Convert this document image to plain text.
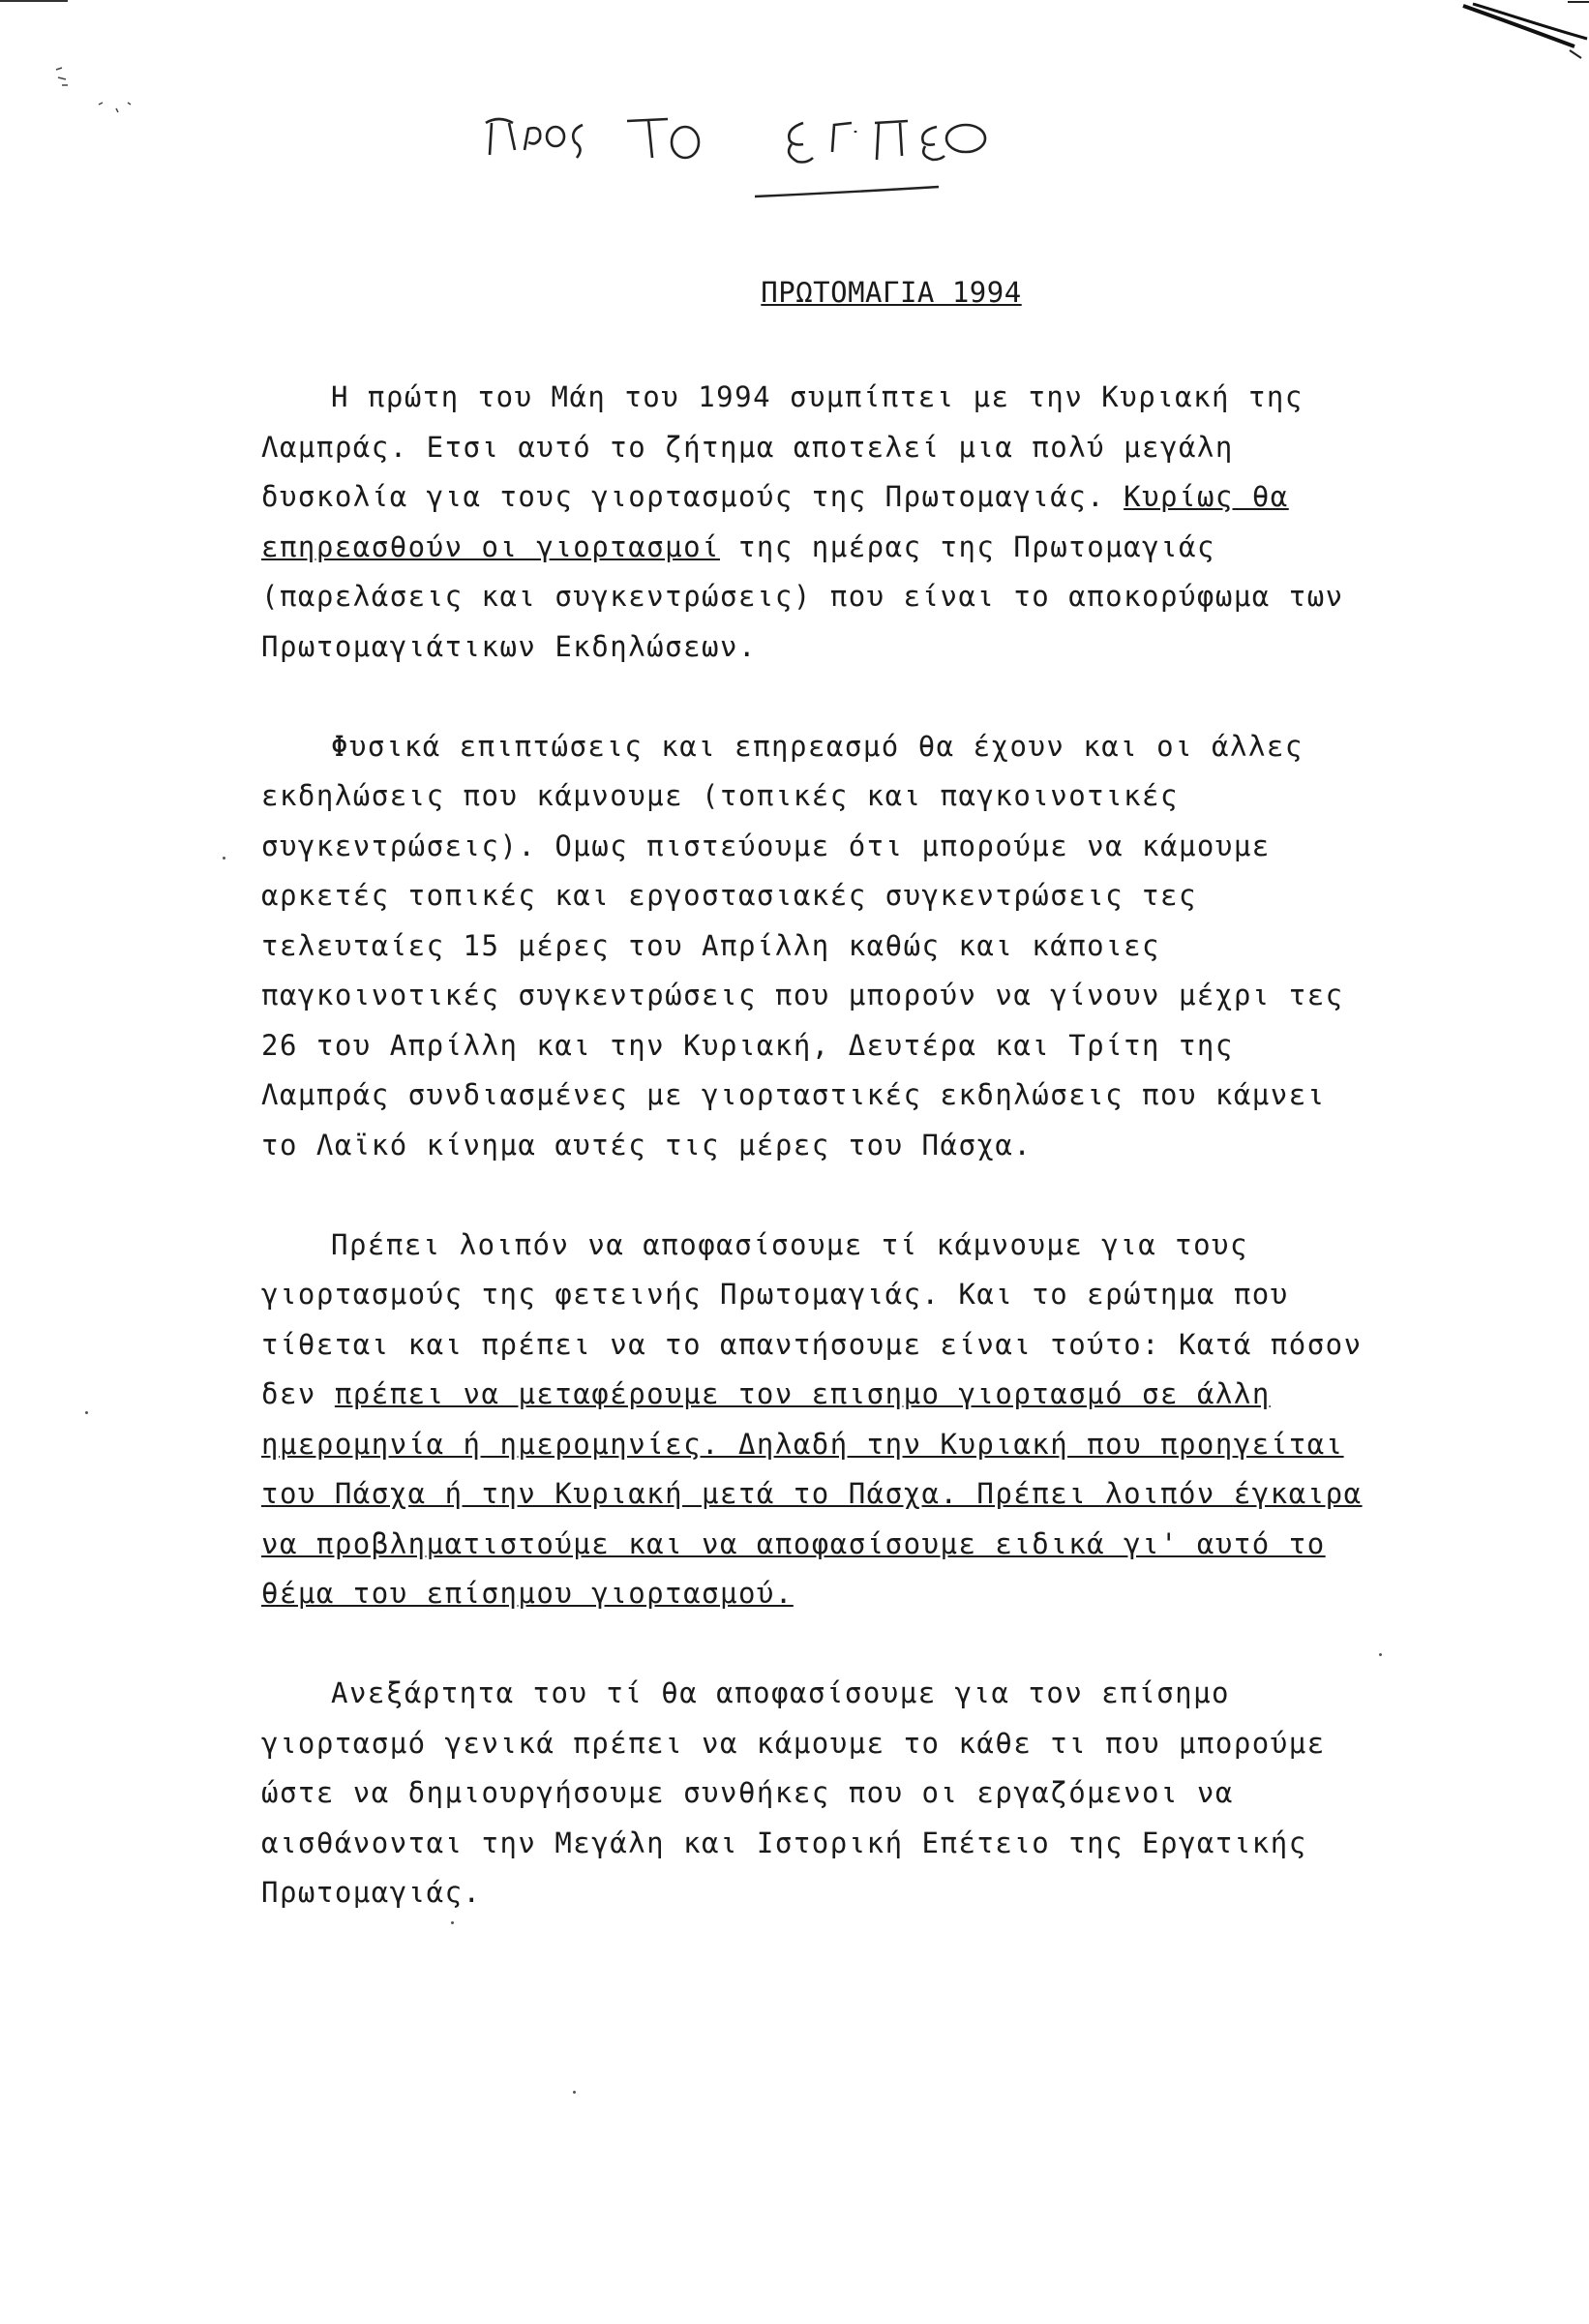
ΠΡΩΤΟΜΑΓΙΑ 1994

Η πρώτη του Μάη του 1994 συμπίπτει με την Κυριακή της Λαμπράς. Ετσι αυτό το ζήτημα αποτελεί μια πολύ μεγάλη δυσκολία για τους γιορτασμούς της Πρωτομαγιάς. Κυρίως θα επηρεασθούν οι γιορτασμοί της ημέρας της Πρωτομαγιάς (παρελάσεις και συγκεντρώσεις) που είναι το αποκορύφωμα των Πρωτομαγιάτικων Εκδηλώσεων.

Φυσικά επιπτώσεις και επηρεασμό θα έχουν και οι άλλες εκδηλώσεις που κάμνουμε (τοπικές και παγκοινοτικές συγκεντρώσεις). Ομως πιστεύουμε ότι μπορούμε να κάμουμε αρκετές τοπικές και εργοστασιακές συγκεντρώσεις τες τελευταίες 15 μέρες του Απρίλλη καθώς και κάποιες παγκοινοτικές συγκεντρώσεις που μπορούν να γίνουν μέχρι τες 26 του Απρίλλη και την Κυριακή, Δευτέρα και Τρίτη της Λαμπράς συνδιασμένες με γιορταστικές εκδηλώσεις που κάμνει το Λαϊκό κίνημα αυτές τις μέρες του Πάσχα.

Πρέπει λοιπόν να αποφασίσουμε τί κάμνουμε για τους γιορτασμούς της φετεινής Πρωτομαγιάς. Και το ερώτημα που τίθεται και πρέπει να το απαντήσουμε είναι τούτο: Κατά πόσον δεν πρέπει να μεταφέρουμε τον επισημο γιορτασμό σε άλλη ημερομηνία ή ημερομηνίες. Δηλαδή την Κυριακή που προηγείται του Πάσχα ή την Κυριακή μετά το Πάσχα. Πρέπει λοιπόν έγκαιρα να προβληματιστούμε και να αποφασίσουμε ειδικά γι' αυτό το θέμα του επίσημου γιορτασμού.

Ανεξάρτητα του τί θα αποφασίσουμε για τον επίσημο γιορτασμό γενικά πρέπει να κάμουμε το κάθε τι που μπορούμε ώστε να δημιουργήσουμε συνθήκες που οι εργαζόμενοι να αισθάνονται την Μεγάλη και Ιστορική Επέτειο της Εργατικής Πρωτομαγιάς.
